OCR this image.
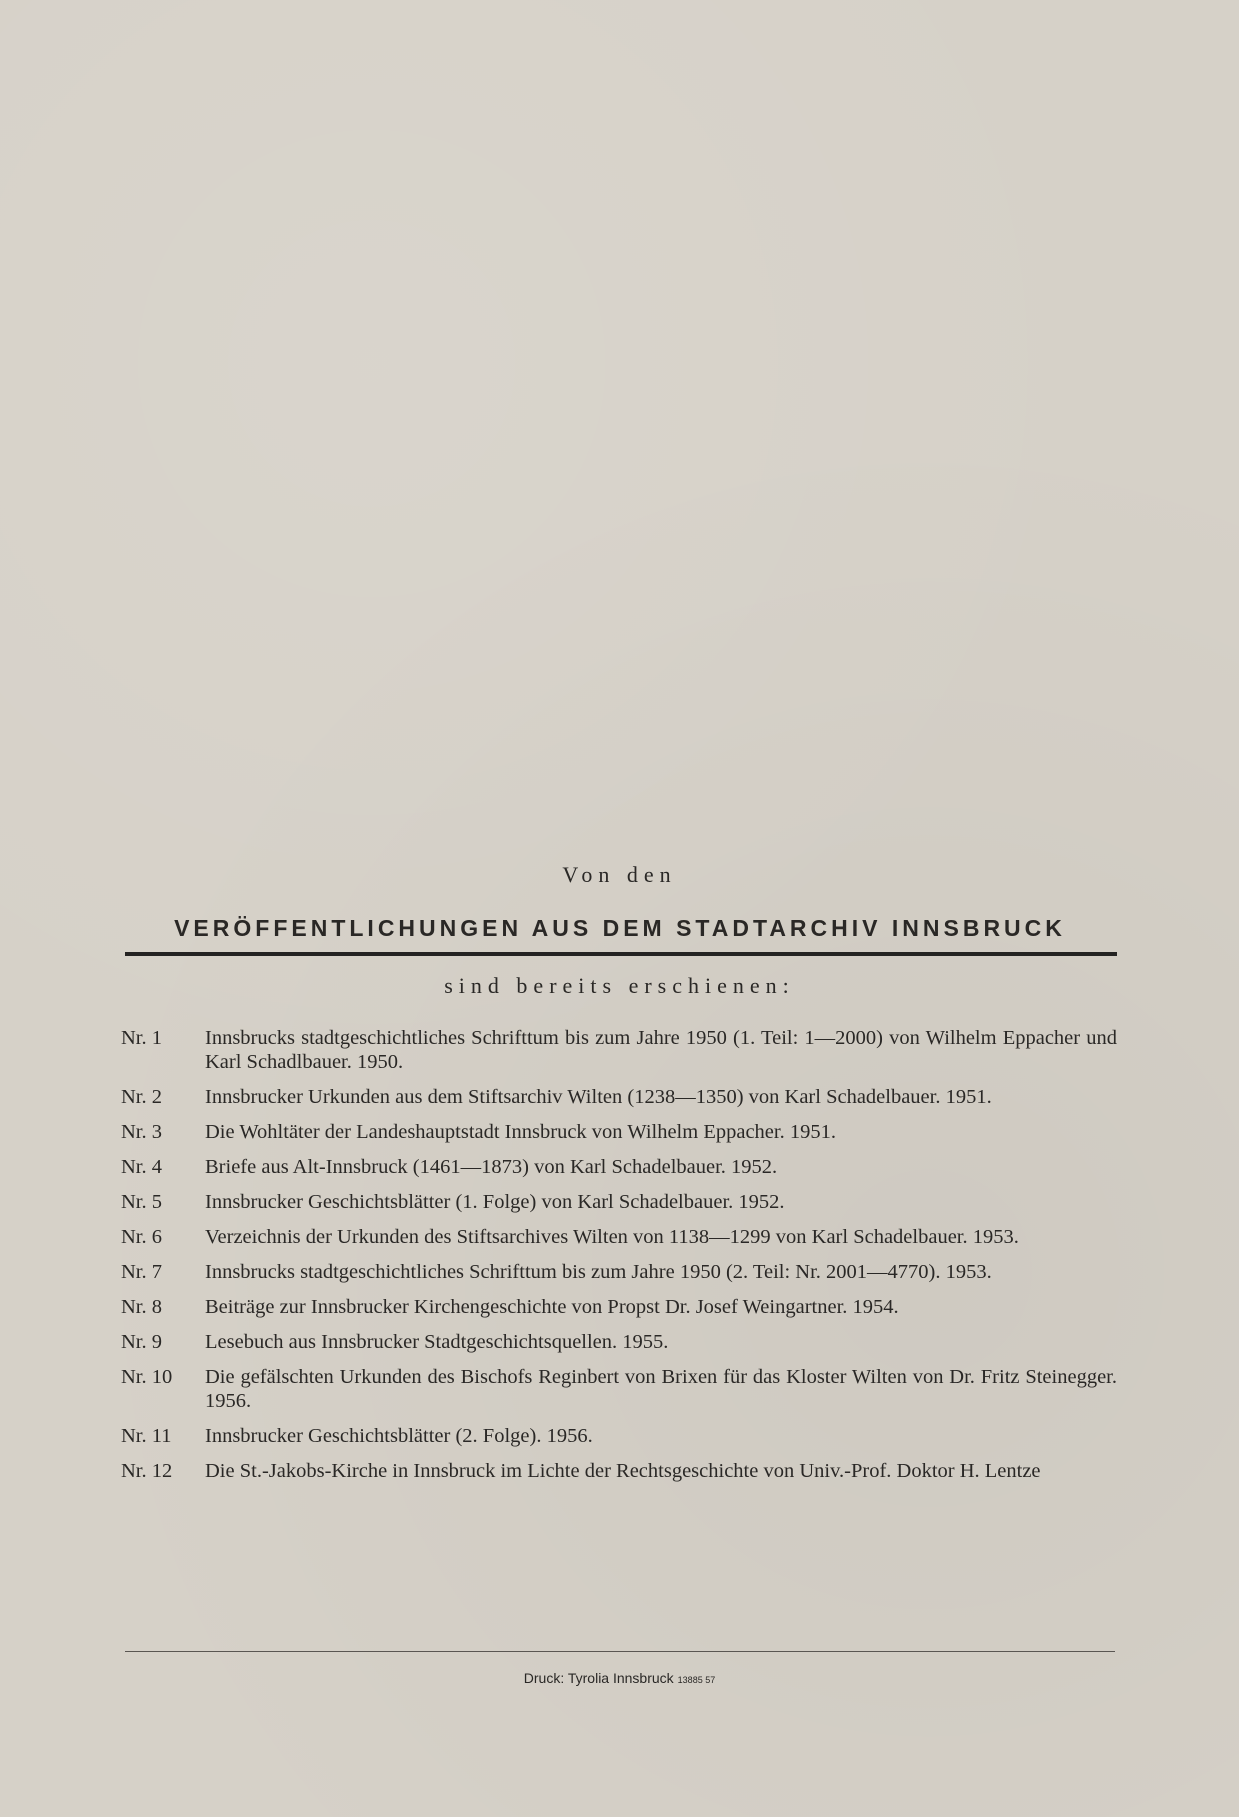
Von den
VERÖFFENTLICHUNGEN AUS DEM STADTARCHIV INNSBRUCK
sind bereits erschienen:
Nr. 1	Innsbrucks stadtgeschichtliches Schrifttum bis zum Jahre 1950 (1. Teil: 1—2000) von Wilhelm Eppacher und Karl Schadlbauer. 1950.
Nr. 2	Innsbrucker Urkunden aus dem Stiftsarchiv Wilten (1238—1350) von Karl Schadelbauer. 1951.
Nr. 3	Die Wohltäter der Landeshauptstadt Innsbruck von Wilhelm Eppacher. 1951.
Nr. 4	Briefe aus Alt-Innsbruck (1461—1873) von Karl Schadelbauer. 1952.
Nr. 5	Innsbrucker Geschichtsblätter (1. Folge) von Karl Schadelbauer. 1952.
Nr. 6	Verzeichnis der Urkunden des Stiftsarchives Wilten von 1138—1299 von Karl Schadelbauer. 1953.
Nr. 7	Innsbrucks stadtgeschichtliches Schrifttum bis zum Jahre 1950 (2. Teil: Nr. 2001—4770). 1953.
Nr. 8	Beiträge zur Innsbrucker Kirchengeschichte von Propst Dr. Josef Weingartner. 1954.
Nr. 9	Lesebuch aus Innsbrucker Stadtgeschichtsquellen. 1955.
Nr. 10	Die gefälschten Urkunden des Bischofs Reginbert von Brixen für das Kloster Wilten von Dr. Fritz Steinegger. 1956.
Nr. 11	Innsbrucker Geschichtsblätter (2. Folge). 1956.
Nr. 12	Die St.-Jakobs-Kirche in Innsbruck im Lichte der Rechtsgeschichte von Univ.-Prof. Doktor H. Lentze
Druck: Tyrolia Innsbruck 13885 57
